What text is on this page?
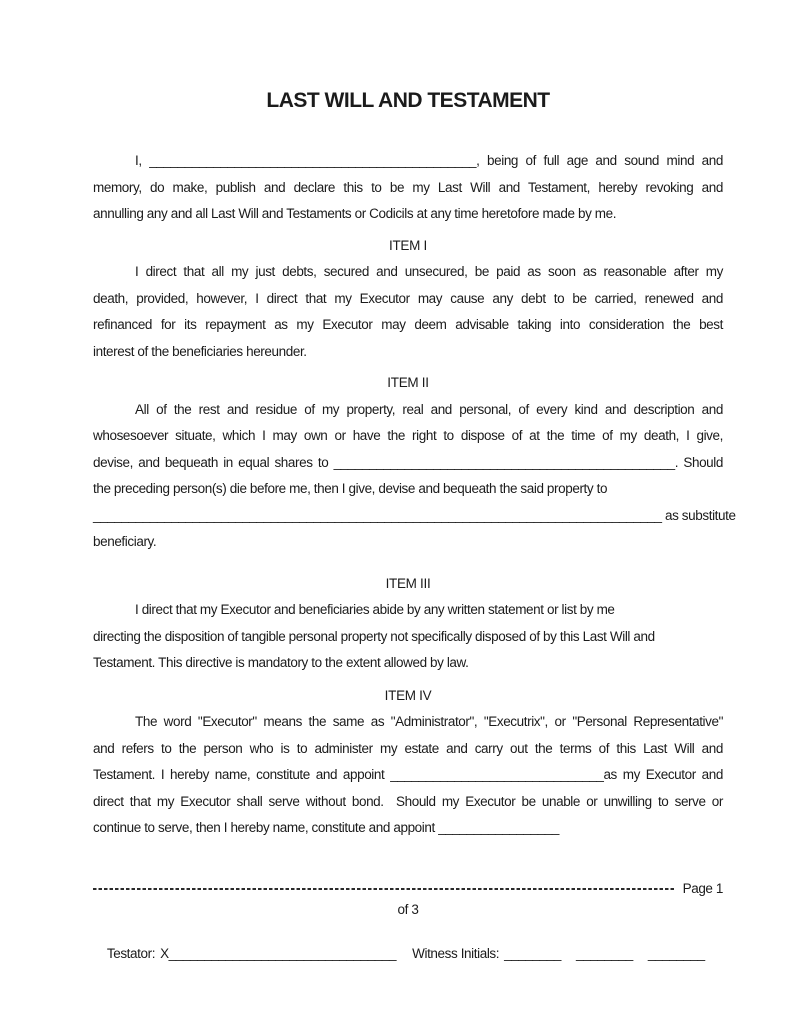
LAST WILL AND TESTAMENT
I, ______________________________________________, being of full age and sound mind and
memory, do make, publish and declare this to be my Last Will and Testament, hereby revoking and
annulling any and all Last Will and Testaments or Codicils at any time heretofore made by me.
ITEM I
I direct that all my just debts, secured and unsecured, be paid as soon as reasonable after my
death, provided, however, I direct that my Executor may cause any debt to be carried, renewed and
refinanced for its repayment as my Executor may deem advisable taking into consideration the best
interest of the beneficiaries hereunder.
ITEM II
All of the rest and residue of my property, real and personal, of every kind and description and
whosesoever situate, which I may own or have the right to dispose of at the time of my death, I give,
devise, and bequeath in equal shares to ________________________________________________. Should
the preceding person(s) die before me, then I give, devise and bequeath the said property to
________________________________________________________________________________ as substitute
beneficiary.
ITEM III
I direct that my Executor and beneficiaries abide by any written statement or list by me
directing the disposition of tangible personal property not specifically disposed of by this Last Will and
Testament. This directive is mandatory to the extent allowed by law.
ITEM IV
The word "Executor" means the same as "Administrator", "Executrix", or "Personal Representative"
and refers to the person who is to administer my estate and carry out the terms of this Last Will and
Testament. I hereby name, constitute and appoint ______________________________as my Executor and
direct that my Executor shall serve without bond.  Should my Executor be unable or unwilling to serve or
continue to serve, then I hereby name, constitute and appoint _________________
Page 1
of 3

Testator: X________________________________ Witness Initials: ________ ________ ________
